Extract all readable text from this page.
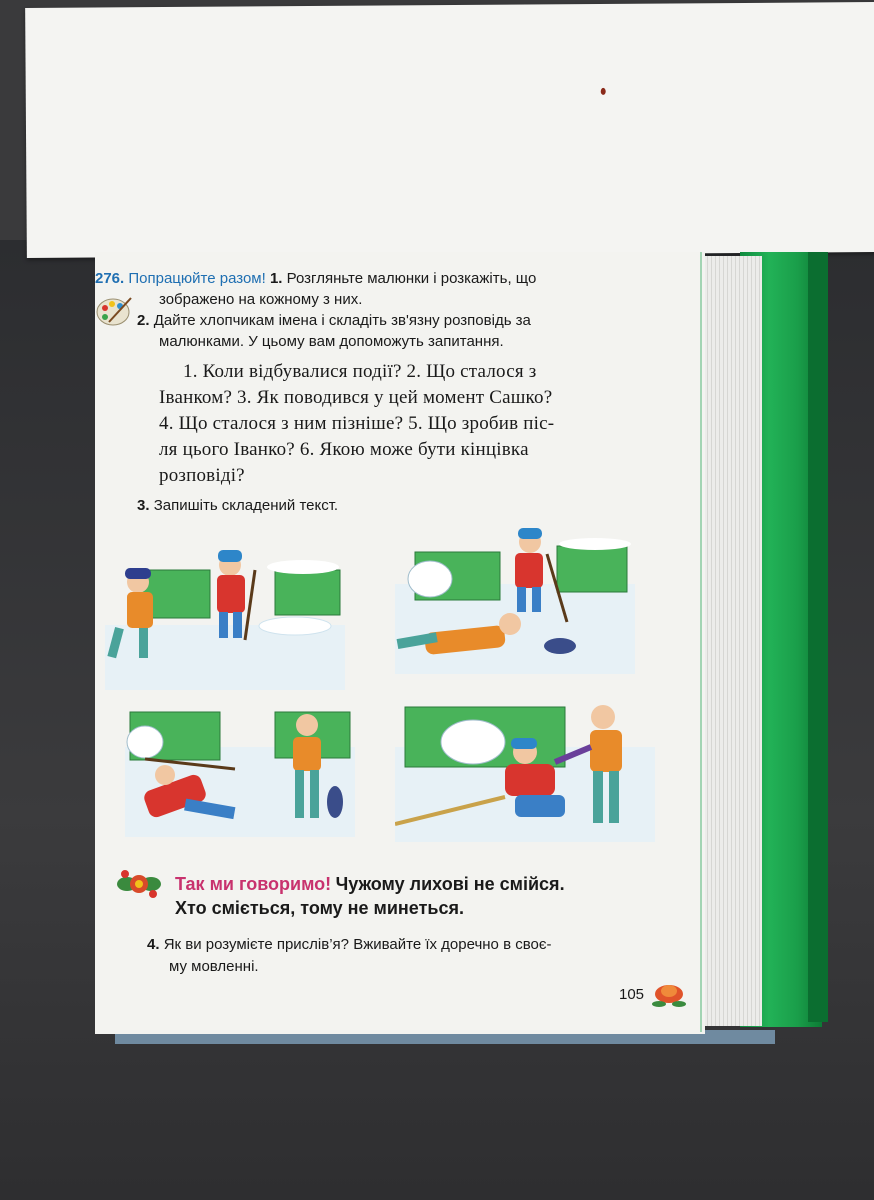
276. Попрацюйте разом! 1. Розгляньте малюнки і розкажіть, що
зображено на кожному з них.
2. Дайте хлопчикам імена і складіть зв'язну розповідь за
малюнками. У цьому вам допоможуть запитання.
1. Коли відбувалися події? 2. Що сталося з
Іванком? 3. Як поводився у цей момент Сашко?
4. Що сталося з ним пізніше? 5. Що зробив піс-
ля цього Іванко? 6. Якою може бути кінцівка
розповіді?
3. Запишіть складений текст.
Так ми говоримо! Чужому лихові не смійся.
Хто сміється, тому не минеться.
4. Як ви розумієте прислів’я? Вживайте їх доречно в своє-
му мовленні.
105
